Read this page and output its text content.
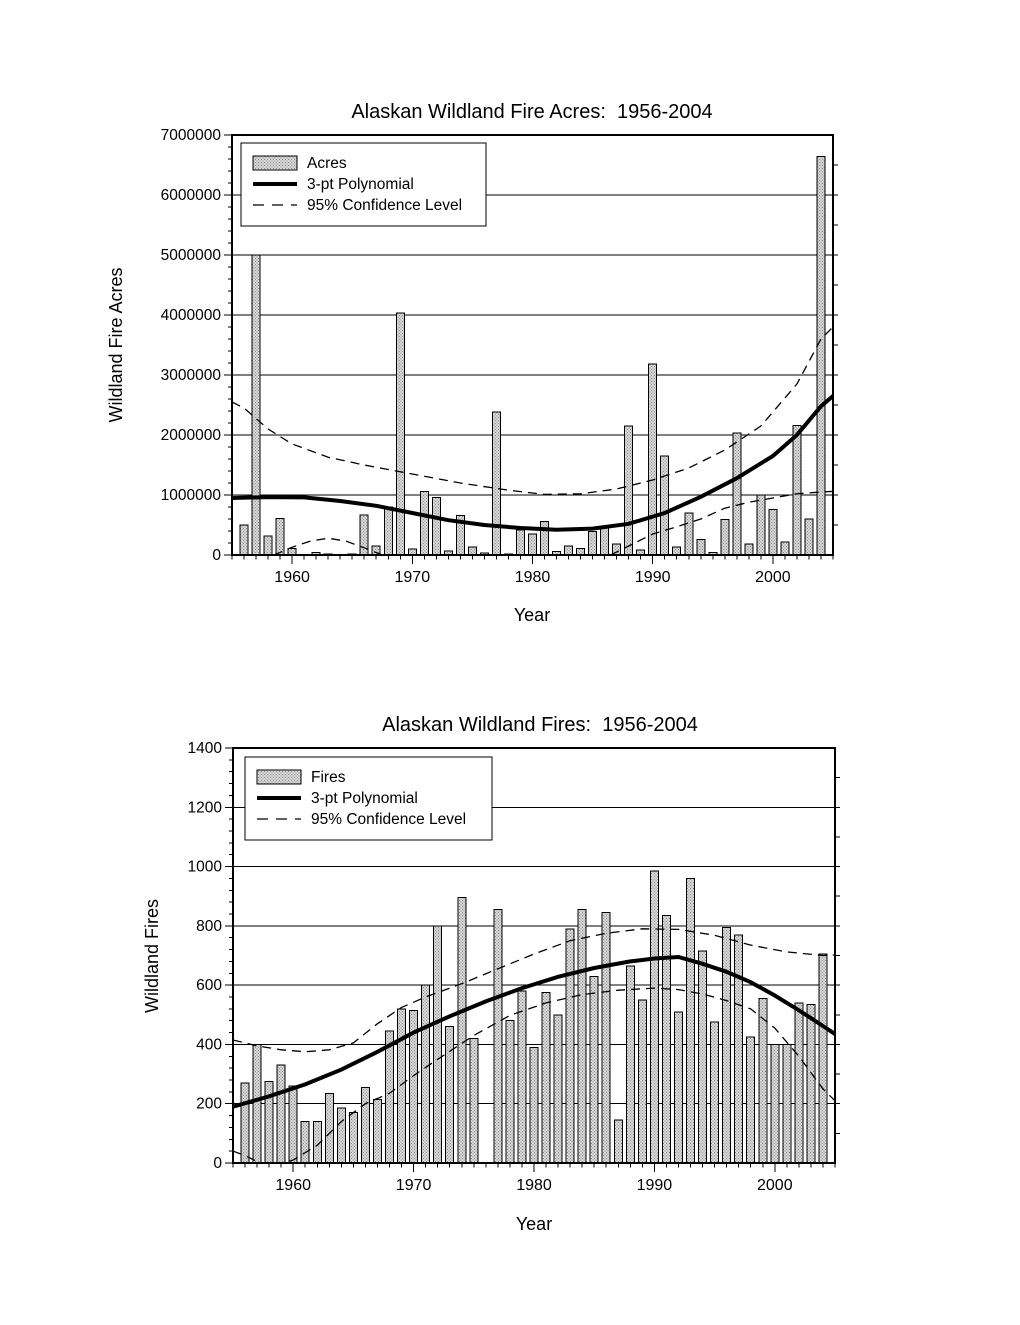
0
1000000
2000000
3000000
4000000
5000000
6000000
7000000
1960	1970	1980	1990	2000
Alaskan Wildland Fire Acres:  1956-2004
Year
Wildland Fire Acres
Acres
3-pt Polynomial
95% Confidence Level
0
200
400
600
800
1000
1200
1400
1960	1970	1980	1990	2000
Alaskan Wildland Fires:  1956-2004
Year
Wildland Fires
Fires
3-pt Polynomial
95% Confidence Level
